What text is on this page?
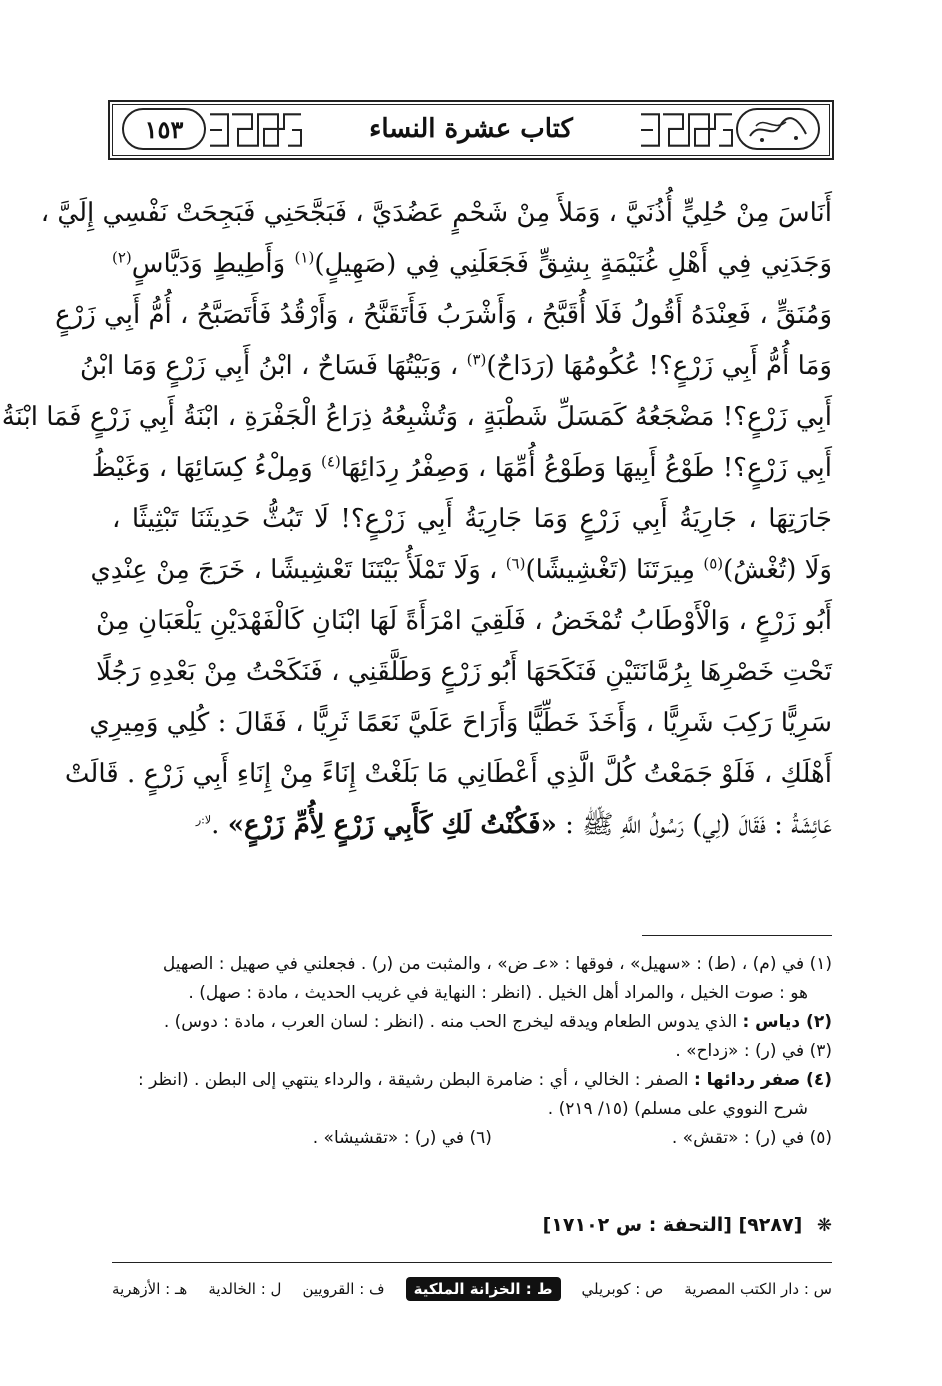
١٥٣	كتاب عشرة النساء
أَنَاسَ مِنْ حُلِيٍّ أُذُنَيَّ ، وَمَلأَ مِنْ شَحْمٍ عَضُدَيَّ ، فَبَجَّحَنِي فَبَجِحَتْ نَفْسِي إِلَيَّ ،
وَجَدَنِي فِي أَهْلِ غُنَيْمَةٍ بِشِقٍّ فَجَعَلَنِي فِي (صَهِيلٍ)$^{(١)}$ وَأَطِيطٍ وَدَيَّاسٍ$^{(٢)}$
وَمُنَقٍّ ، فَعِنْدَهُ أَقُولُ فَلَا أُقَبَّحُ ، وَأَشْرَبُ فَأَتَقَنَّحُ ، وَأَرْقُدُ فَأَتَصَبَّحُ ، أُمُّ أَبِي زَرْعٍ
وَمَا أُمُّ أَبِي زَرْعٍ؟! عُكُومُهَا (رَدَاحٌ)$^{(٣)}$ ، وَبَيْتُهَا فَسَاحٌ ، ابْنُ أَبِي زَرْعٍ وَمَا ابْنُ
أَبِي زَرْعٍ؟! مَضْجَعُهُ كَمَسَلِّ شَطْبَةٍ ، وَتُشْبِعُهُ ذِرَاعُ الْجَفْرَةِ ، ابْنَةُ أَبِي زَرْعٍ فَمَا ابْنَةُ
أَبِي زَرْعٍ؟! طَوْعُ أَبِيهَا وَطَوْعُ أُمِّهَا ، وَصِفْرُ رِدَائِهَا$^{(٤)}$ وَمِلْءُ كِسَائِهَا ، وَغَيْظُ
جَارَتِهَا ، جَارِيَةُ أَبِي زَرْعٍ وَمَا جَارِيَةُ أَبِي زَرْعٍ؟! لَا تَبُثُّ حَدِيثَنَا تَبْثِيثًا ،
وَلَا (تُغْشُ)$^{(٥)}$ مِيرَتَنَا (تَغْشِيشًا)$^{(٦)}$ ، وَلَا تَمْلَأُ بَيْتَنَا تَعْشِيشًا ، خَرَجَ مِنْ عِنْدِي
أَبُو زَرْعٍ ، وَالْأَوْطَابُ تُمْخَضُ ، فَلَقِيَ امْرَأَةً لَهَا ابْنَانِ كَالْفَهْدَيْنِ يَلْعَبَانِ مِنْ
تَحْتِ خَصْرِهَا بِرُمَّانَتَيْنِ فَنَكَحَهَا أَبُو زَرْعٍ وَطَلَّقَنِي ، فَنَكَحْتُ مِنْ بَعْدِهِ رَجُلًا
سَرِيًّا رَكِبَ شَرِيًّا ، وَأَخَذَ خَطِّيًّا وَأَرَاحَ عَلَيَّ نَعَمًا ثَرِيًّا ، فَقَالَ : كُلِي وَمِيرِي
أَهْلَكِ ، فَلَوْ جَمَعْتُ كُلَّ الَّذِي أَعْطَانِي مَا بَلَغْتْ إِنَاءً مِنْ إِنَاءِ أَبِي زَرْعٍ . قَالَتْ
عَائِشَةُ : فَقَالَ (لِي) رَسُولُ اللَّهِ ﷺ : «فَكُنْتُ لَكِ كَأَبِي زَرْعٍ لِأُمِّ زَرْعٍ» .$^{لا:ر}$
(١) في (م) ، (ط) : «سهيل» ، فوقها : «عـ ض» ، والمثبت من (ر) . فجعلني في صهيل : الصهيل

هو : صوت الخيل ، والمراد أهل الخيل . (انظر : النهاية في غريب الحديث ، مادة : صهل) .
(٢) دياس : الذي يدوس الطعام ويدقه ليخرج الحب منه . (انظر : لسان العرب ، مادة : دوس) .
(٣) في (ر) : «زداح» .
(٤) صفر ردائها : الصفر : الخالي ، أي : ضامرة البطن رشيقة ، والرداء ينتهي إلى البطن . (انظر :

شرح النووي على مسلم) (١٥/ ٢١٩) .
(٥) في (ر) : «تقش» .
(٦) في (ر) : «تقشيشا» .
❋ [٩٢٨٧] [التحفة : س ١٧١٠٢]
س : دار الكتب المصرية
ص : كوبريلي
ط : الخزانة الملكية
ف : القرويين
ل : الخالدية
هـ : الأزهرية
